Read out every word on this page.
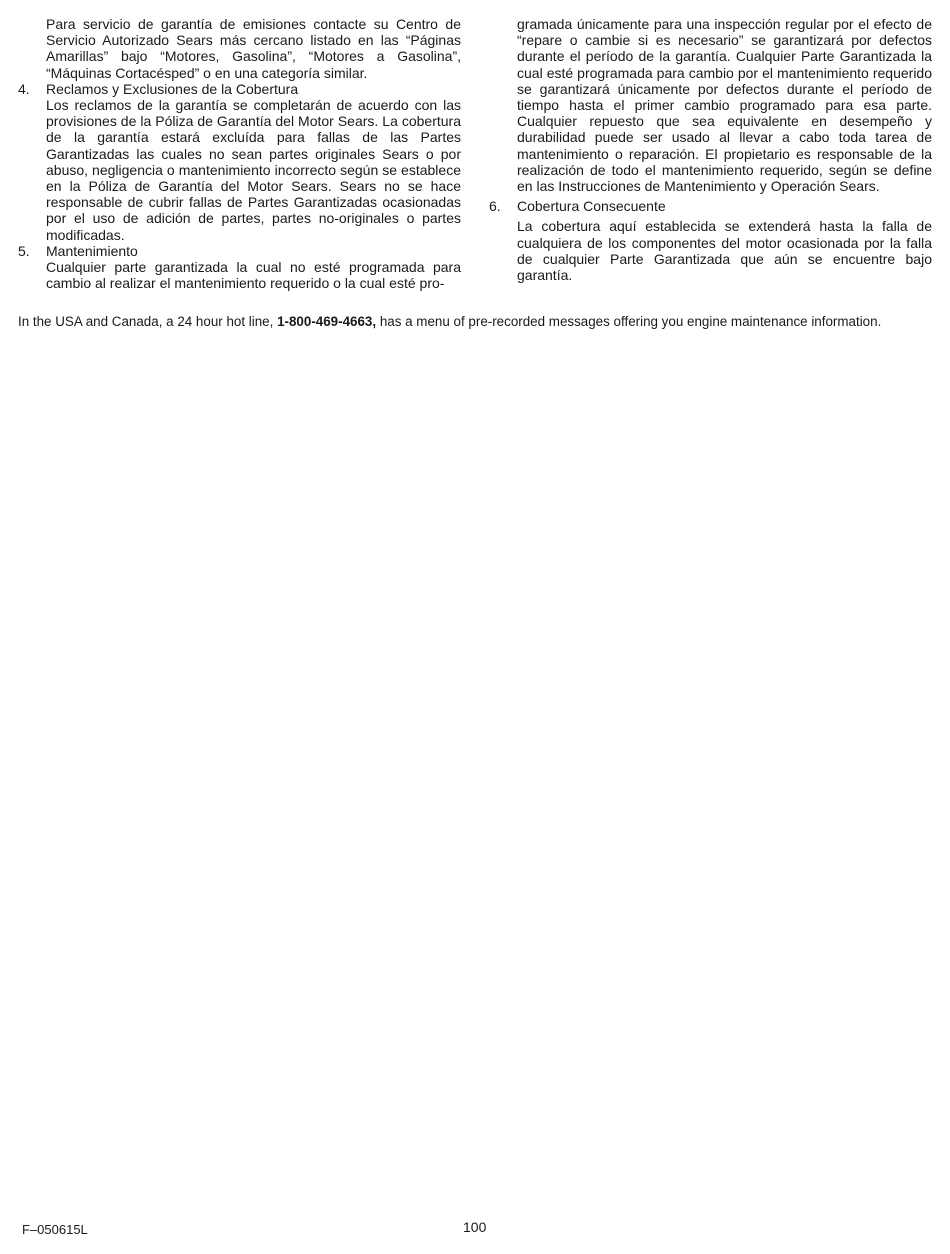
Para servicio de garantía de emisiones contacte su Centro de Servicio Autorizado Sears más cercano listado en las “Páginas Amarillas” bajo “Motores, Gasolina”, “Motores a Gasolina”, “Máquinas Cortacésped” o en una categoría similar.

4.	Reclamos y Exclusiones de la Cobertura

Los reclamos de la garantía se completarán de acuerdo con las provisiones de la Póliza de Garantía del Motor Sears. La cobertura de la garantía estará excluída para fallas de las Partes Garantizadas las cuales no sean partes originales Sears o por abuso, negligencia o mantenimiento incorrecto según se establece en la Póliza de Garantía del Motor Sears. Sears no se hace responsable de cubrir fallas de Partes Garantizadas ocasionadas por el uso de adición de partes, partes no-originales o partes modificadas.

5.	Mantenimiento

Cualquier parte garantizada la cual no esté programada para cambio al realizar el mantenimiento requerido o la cual esté pro-

gramada únicamente para una inspección regular por el efecto de “repare o cambie si es necesario” se garantizará por defectos durante el período de la garantía. Cualquier Parte Garantizada la cual esté programada para cambio por el mantenimiento requerido se garantizará únicamente por defectos durante el período de tiempo hasta el primer cambio programado para esa parte. Cualquier repuesto que sea equivalente en desempeño y durabilidad puede ser usado al llevar a cabo toda tarea de mantenimiento o reparación. El propietario es responsable de la realización de todo el mantenimiento requerido, según se define en las Instrucciones de Mantenimiento y Operación Sears.

6.	Cobertura Consecuente

La cobertura aquí establecida se extenderá hasta la falla de cualquiera de los componentes del motor ocasionada por la falla de cualquier Parte Garantizada que aún se encuentre bajo garantía.

In the USA and Canada, a 24 hour hot line, 1-800-469-4663, has a menu of pre-recorded messages offering you engine maintenance information.

F–050615L	100
